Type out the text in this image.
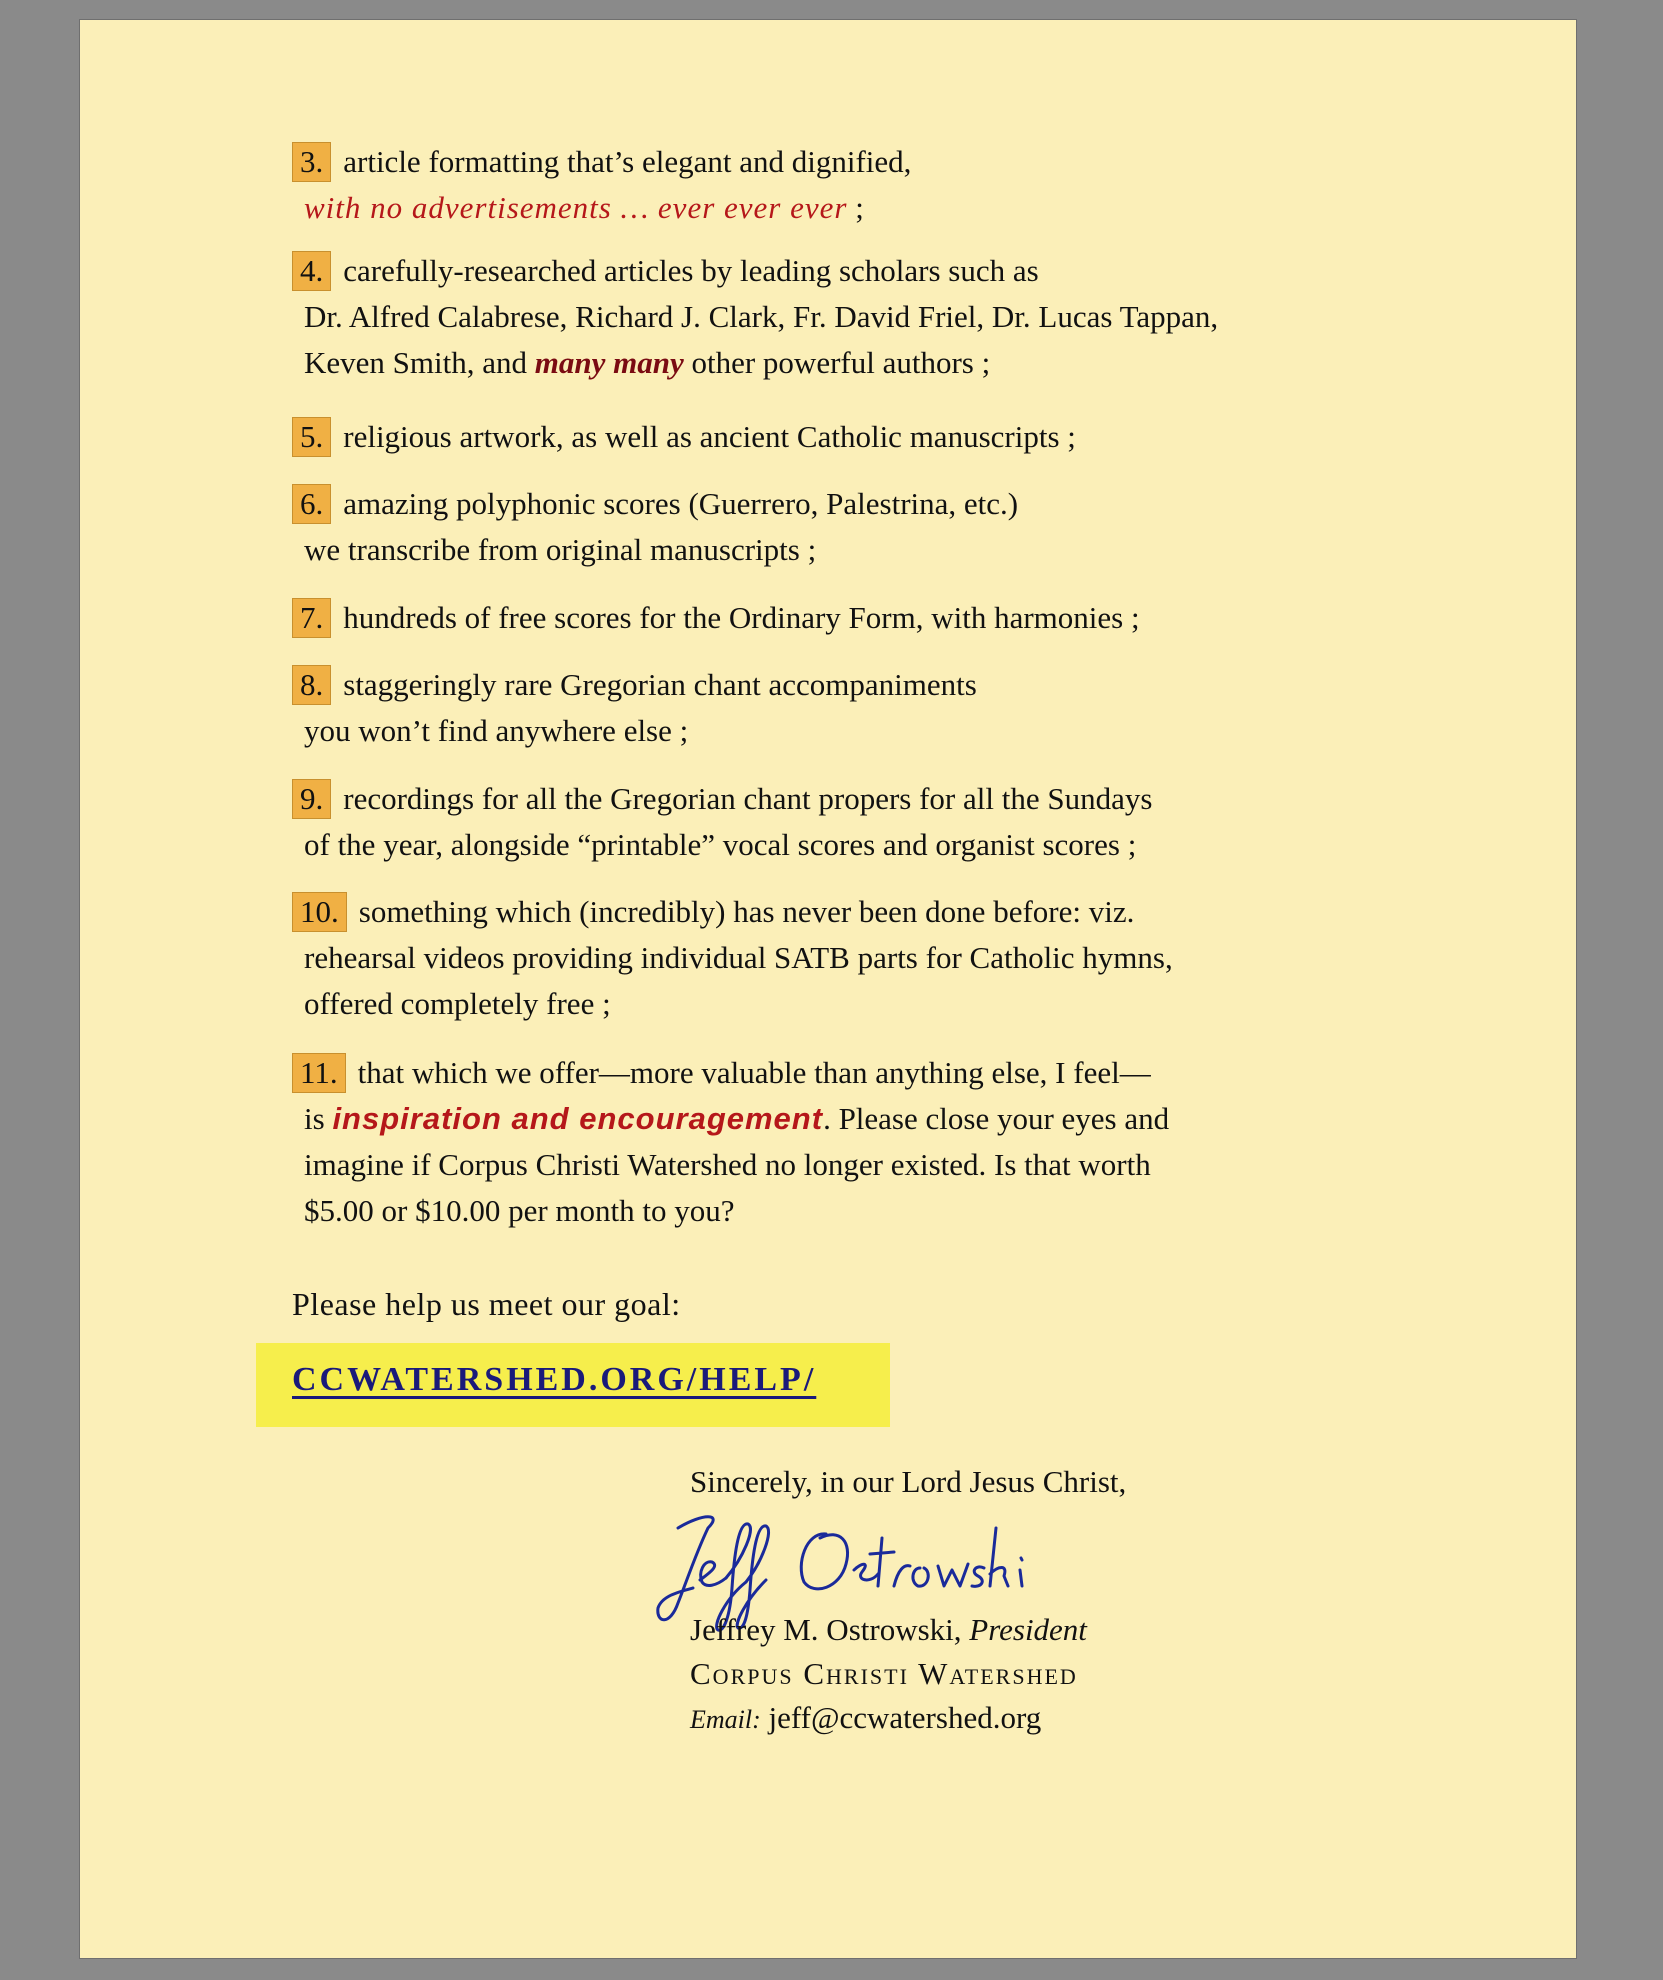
3. article formatting that’s elegant and dignified,
with no advertisements … ever ever ever ;
4. carefully-researched articles by leading scholars such as
Dr. Alfred Calabrese, Richard J. Clark, Fr. David Friel, Dr. Lucas Tappan,
Keven Smith, and many many other powerful authors ;
5. religious artwork, as well as ancient Catholic manuscripts ;
6. amazing polyphonic scores (Guerrero, Palestrina, etc.)
we transcribe from original manuscripts ;
7. hundreds of free scores for the Ordinary Form, with harmonies ;
8. staggeringly rare Gregorian chant accompaniments
you won’t find anywhere else ;
9. recordings for all the Gregorian chant propers for all the Sundays
of the year, alongside “printable” vocal scores and organist scores ;
10. something which (incredibly) has never been done before: viz.
rehearsal videos providing individual SATB parts for Catholic hymns,
offered completely free ;
11. that which we offer—more valuable than anything else, I feel—
is inspiration and encouragement. Please close your eyes and
imagine if Corpus Christi Watershed no longer existed. Is that worth
$5.00 or $10.00 per month to you?
Please help us meet our goal:
CCWATERSHED.ORG/HELP/
Sincerely, in our Lord Jesus Christ,
Jeffrey M. Ostrowski, President
Corpus Christi Watershed
Email: jeff@ccwatershed.org
